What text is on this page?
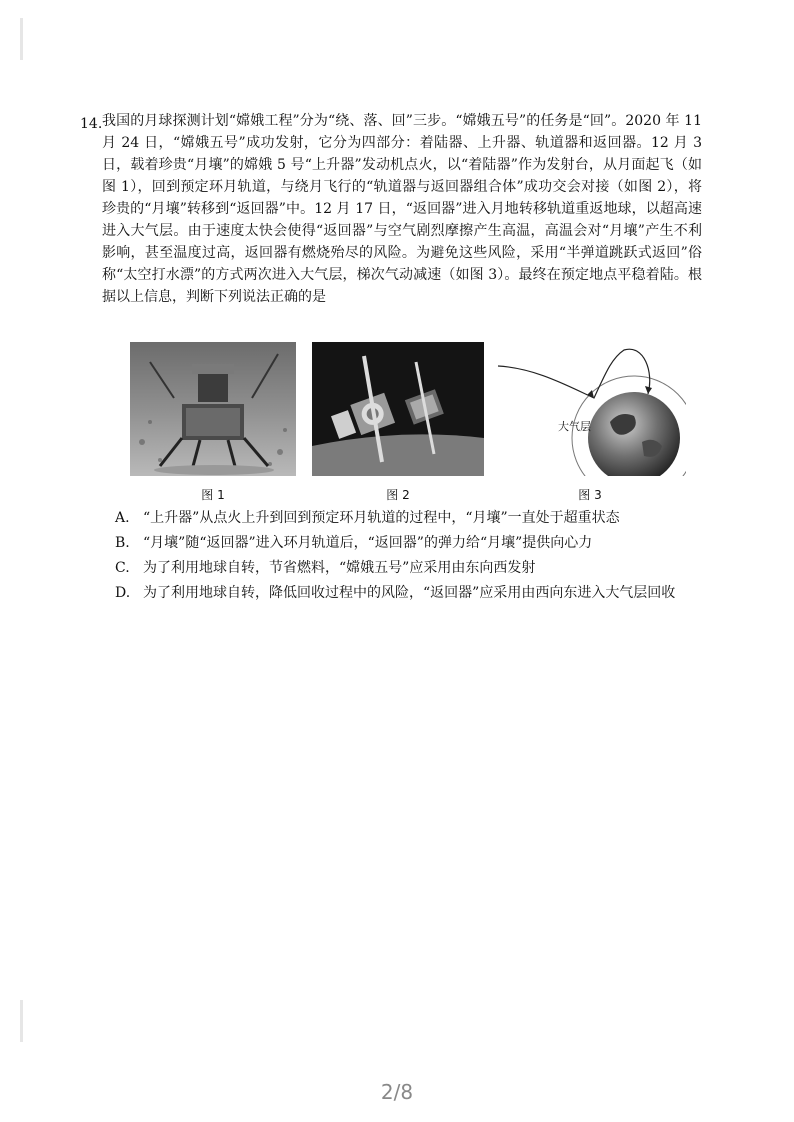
14. 我国的月球探测计划“嫦娥工程”分为“绕、落、回”三步。“嫦娥五号”的任务是“回”。2020 年 11 月 24 日，“嫦娥五号”成功发射，它分为四部分：着陆器、上升器、轨道器和返回器。12 月 3 日，载着珍贵“月壤”的嫦娥 5 号“上升器”发动机点火，以“着陆器”作为发射台，从月面起飞（如图 1），回到预定环月轨道，与绕月飞行的“轨道器与返回器组合体”成功交会对接（如图 2），将珍贵的“月壤”转移到“返回器”中。12 月 17 日，“返回器”进入月地转移轨道重返地球，以超高速进入大气层。由于速度太快会使得“返回器”与空气剧烈摩擦产生高温，高温会对“月壤”产生不利影响，甚至温度过高，返回器有燃烧殆尽的风险。为避免这些风险，采用“半弹道跳跃式返回”俗称“太空打水漂”的方式两次进入大气层，梯次气动减速（如图 3）。最终在预定地点平稳着陆。根据以上信息，判断下列说法正确的是

图 1	图 2
大气层
图 3
A. “上升器”从点火上升到回到预定环月轨道的过程中，“月壤”一直处于超重状态
B. “月壤”随“返回器”进入环月轨道后，“返回器”的弹力给“月壤”提供向心力
C. 为了利用地球自转，节省燃料，“嫦娥五号”应采用由东向西发射
D. 为了利用地球自转，降低回收过程中的风险，“返回器”应采用由西向东进入大气层回收
2/8
